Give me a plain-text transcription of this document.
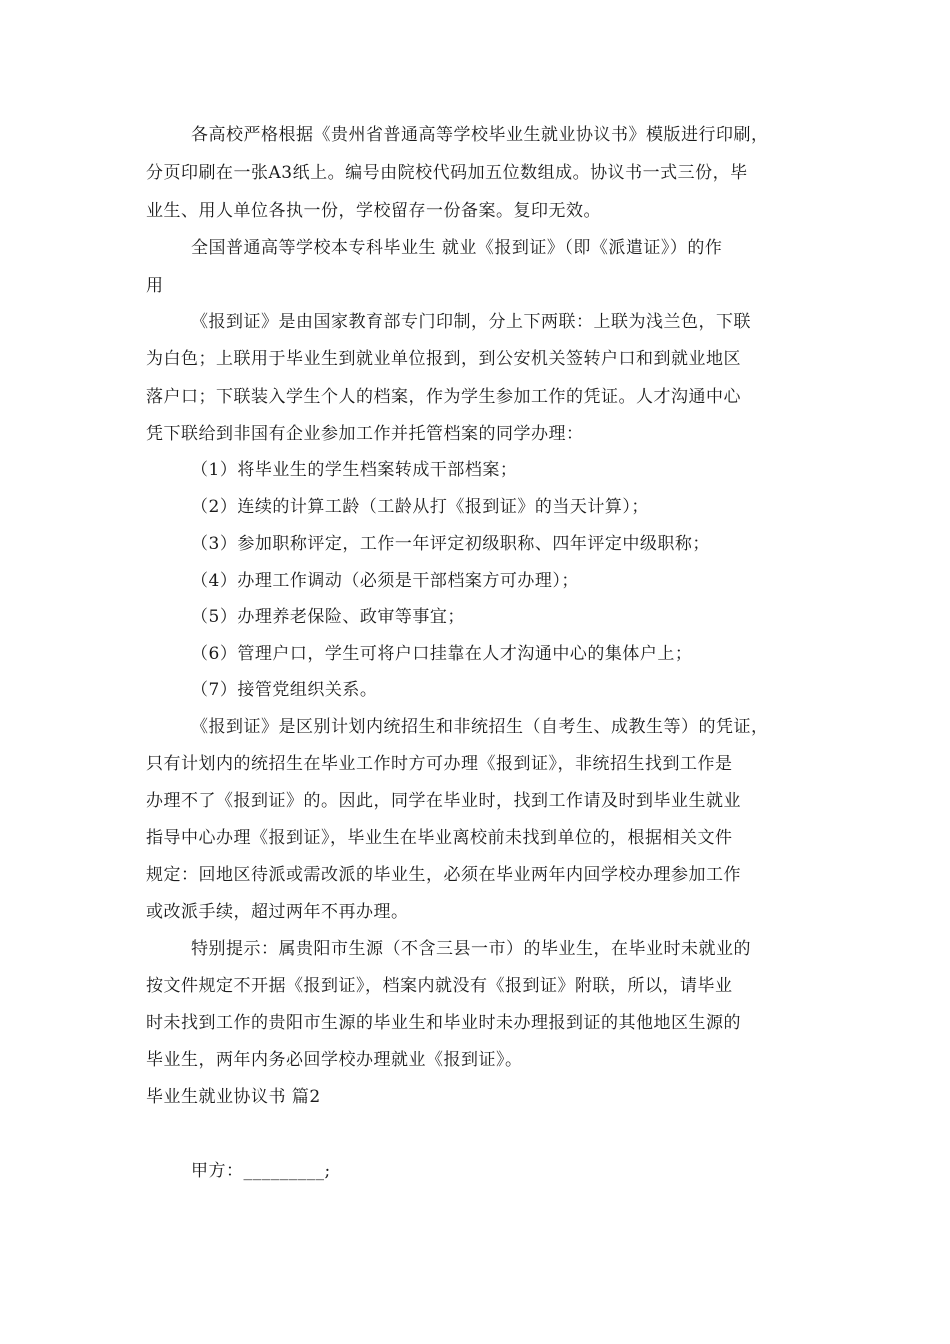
各高校严格根据《贵州省普通高等学校毕业生就业协议书》模版进行印刷，
分页印刷在一张A3纸上。编号由院校代码加五位数组成。协议书一式三份，毕
业生、用人单位各执一份，学校留存一份备案。复印无效。
全国普通高等学校本专科毕业生 就业《报到证》（即《派遣证》）的作
用
《报到证》是由国家教育部专门印制，分上下两联：上联为浅兰色，下联
为白色；上联用于毕业生到就业单位报到，到公安机关签转户口和到就业地区
落户口；下联装入学生个人的档案，作为学生参加工作的凭证。人才沟通中心
凭下联给到非国有企业参加工作并托管档案的同学办理：
（1）将毕业生的学生档案转成干部档案；
（2）连续的计算工龄（工龄从打《报到证》的当天计算）；
（3）参加职称评定，工作一年评定初级职称、四年评定中级职称；
（4）办理工作调动（必须是干部档案方可办理）；
（5）办理养老保险、政审等事宜；
（6）管理户口，学生可将户口挂靠在人才沟通中心的集体户上；
（7）接管党组织关系。
《报到证》是区别计划内统招生和非统招生（自考生、成教生等）的凭证，
只有计划内的统招生在毕业工作时方可办理《报到证》，非统招生找到工作是
办理不了《报到证》的。因此，同学在毕业时，找到工作请及时到毕业生就业
指导中心办理《报到证》，毕业生在毕业离校前未找到单位的，根据相关文件
规定：回地区待派或需改派的毕业生，必须在毕业两年内回学校办理参加工作
或改派手续，超过两年不再办理。
特别提示：属贵阳市生源（不含三县一市）的毕业生，在毕业时未就业的
按文件规定不开据《报到证》，档案内就没有《报到证》附联，所以，请毕业
时未找到工作的贵阳市生源的毕业生和毕业时未办理报到证的其他地区生源的
毕业生，两年内务必回学校办理就业《报到证》。
毕业生就业协议书 篇2
甲方：_________;
